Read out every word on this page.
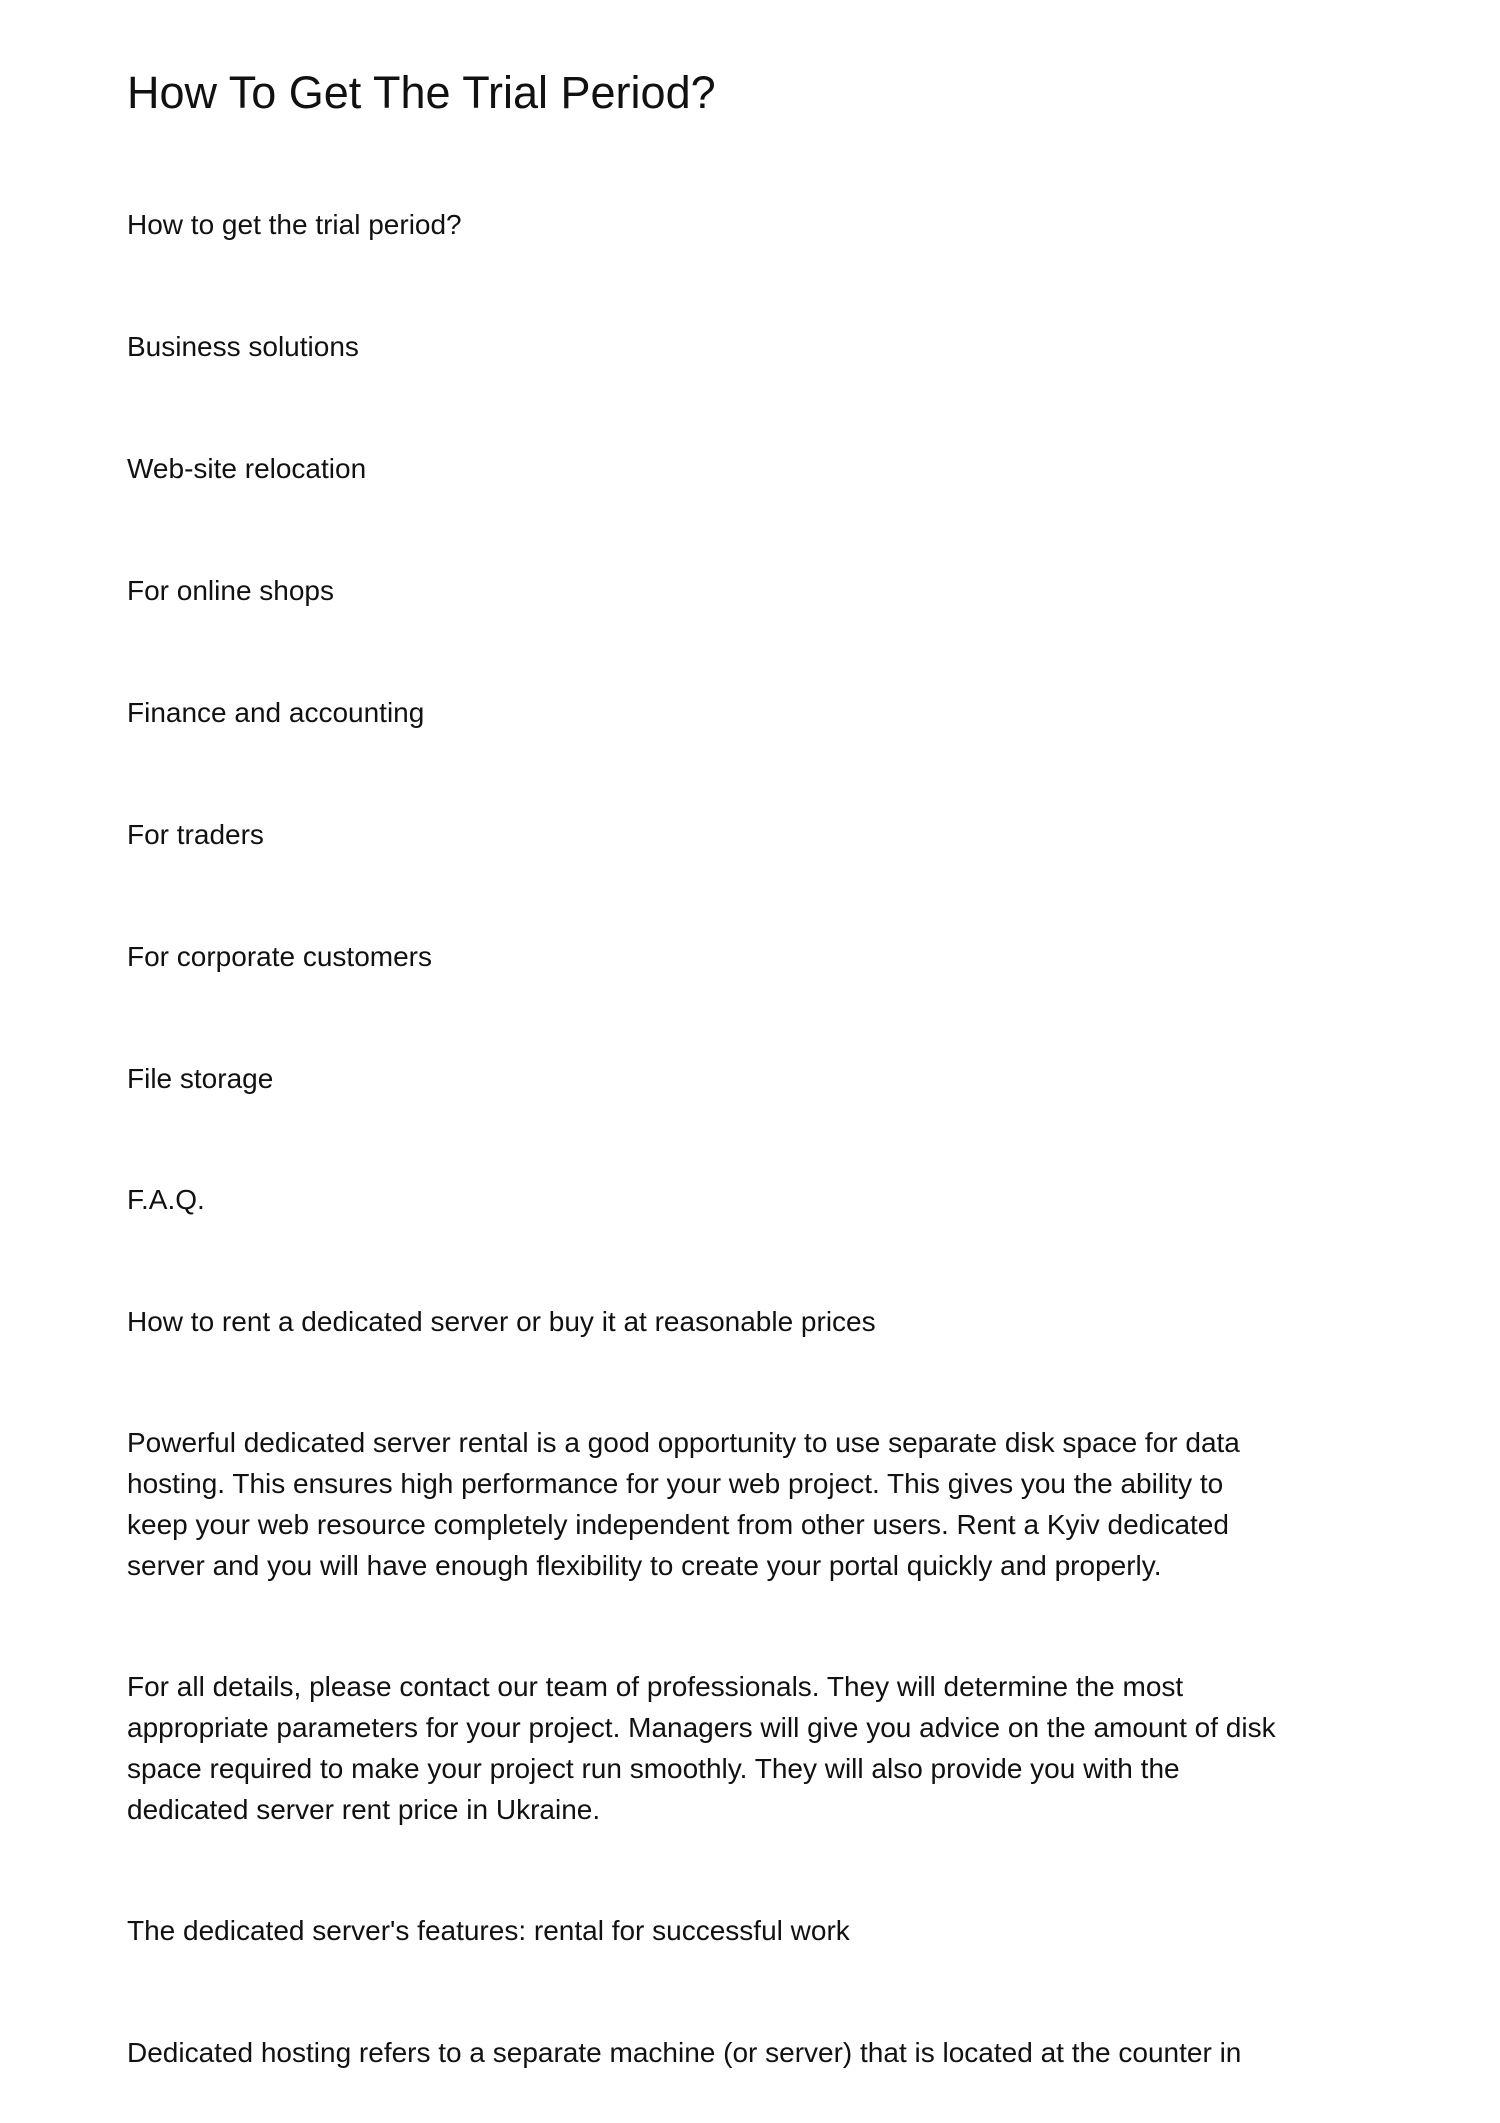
How To Get The Trial Period?
How to get the trial period?
Business solutions
Web-site relocation
For online shops
Finance and accounting
For traders
For corporate customers
File storage
F.A.Q.
How to rent a dedicated server or buy it at reasonable prices
Powerful dedicated server rental is a good opportunity to use separate disk space for data
hosting. This ensures high performance for your web project. This gives you the ability to
keep your web resource completely independent from other users. Rent a Kyiv dedicated
server and you will have enough flexibility to create your portal quickly and properly.
For all details, please contact our team of professionals. They will determine the most
appropriate parameters for your project. Managers will give you advice on the amount of disk
space required to make your project run smoothly. They will also provide you with the
dedicated server rent price in Ukraine.
The dedicated server's features: rental for successful work
Dedicated hosting refers to a separate machine (or server) that is located at the counter in
